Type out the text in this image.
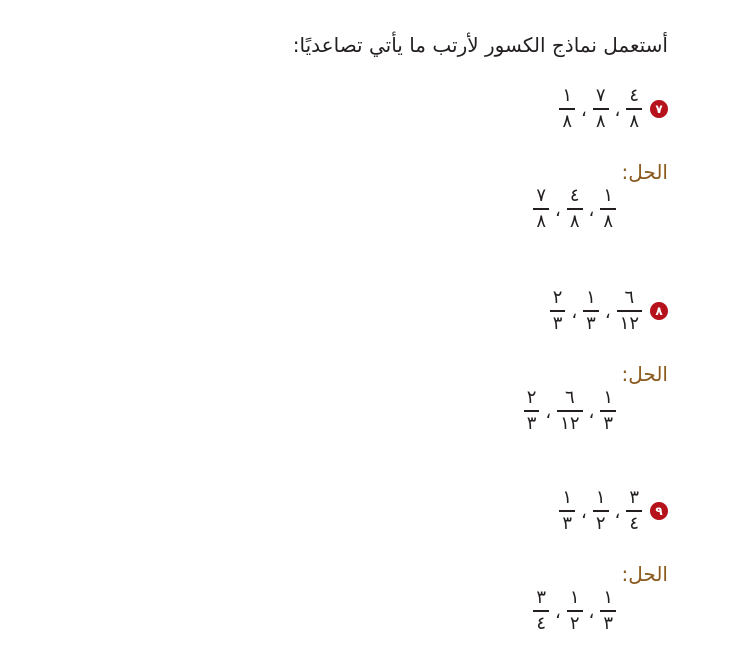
أستعمل نماذج الكسور لأرتب ما يأتي تصاعديًا:
$\frac{١}{٨}$ ، $\frac{٧}{٨}$ ، $\frac{٤}{٨}$	٧
الحل:
$\frac{٧}{٨}$ ، $\frac{٤}{٨}$ ، $\frac{١}{٨}$
$\frac{٢}{٣}$ ، $\frac{١}{٣}$ ، $\frac{٦}{١٢}$	٨
الحل:
$\frac{٢}{٣}$ ، $\frac{٦}{١٢}$ ، $\frac{١}{٣}$
$\frac{١}{٣}$ ، $\frac{١}{٢}$ ، $\frac{٣}{٤}$	٩
الحل:
$\frac{٣}{٤}$ ، $\frac{١}{٢}$ ، $\frac{١}{٣}$
